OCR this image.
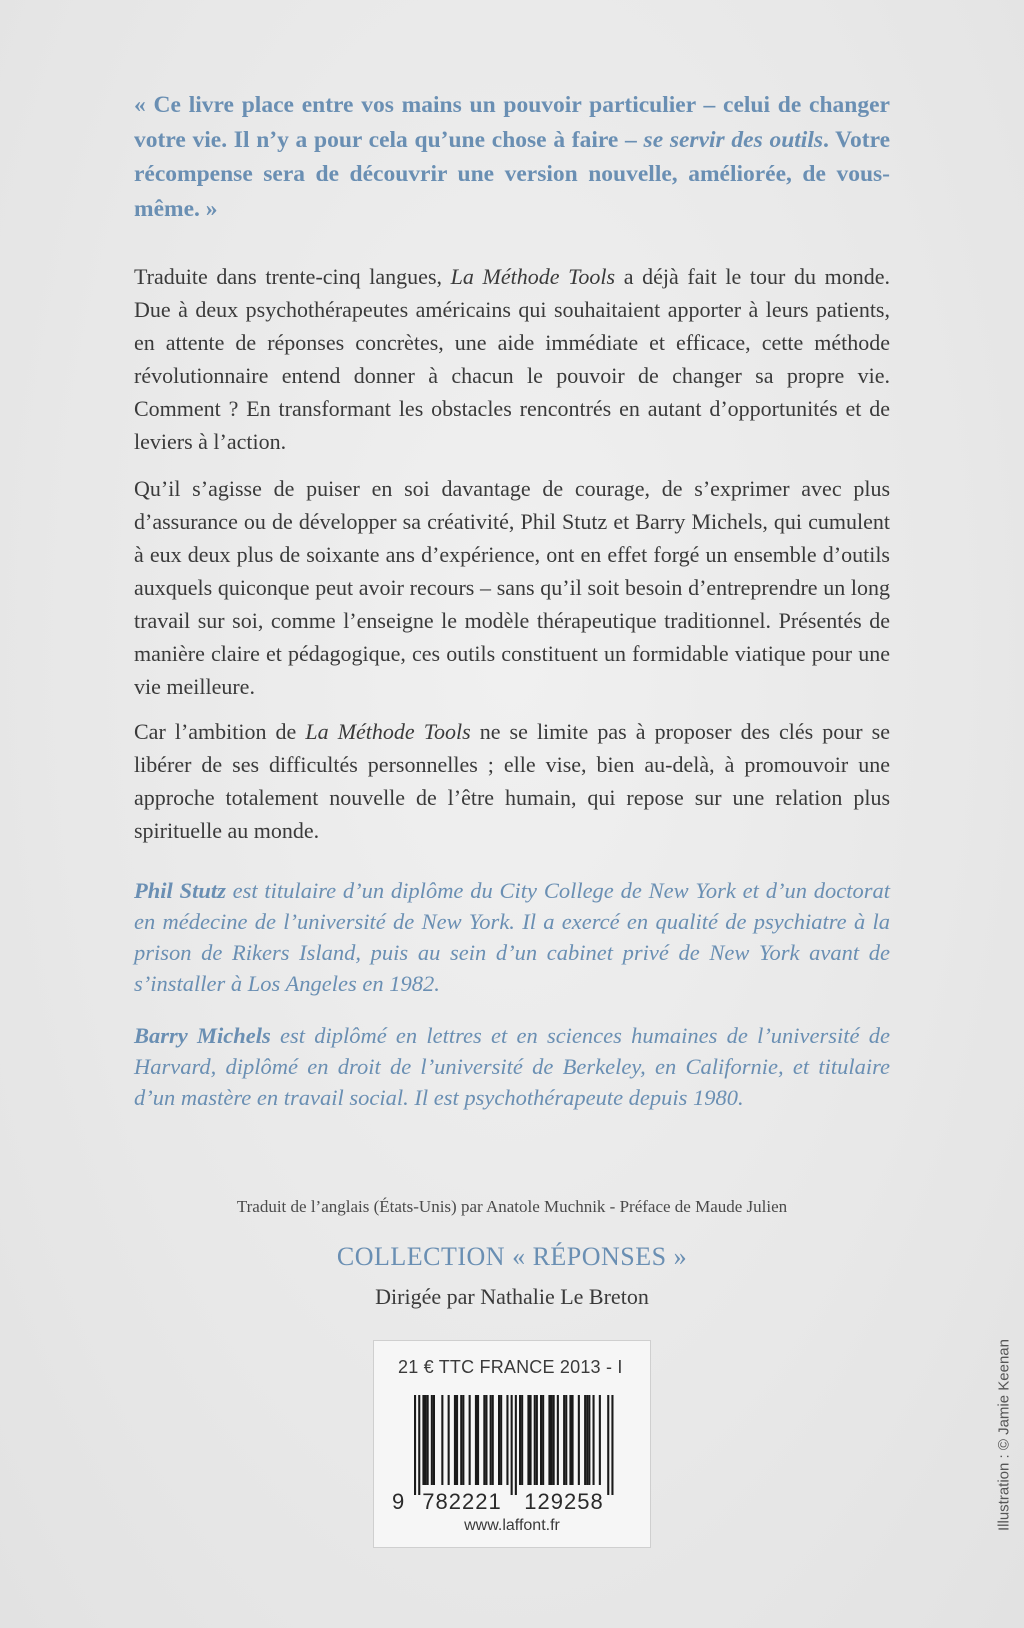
« Ce livre place entre vos mains un pouvoir particulier – celui de changer votre vie. Il n’y a pour cela qu’une chose à faire – se servir des outils. Votre récompense sera de découvrir une version nouvelle, améliorée, de vous-même. »

Traduite dans trente-cinq langues, La Méthode Tools a déjà fait le tour du monde. Due à deux psychothérapeutes américains qui souhaitaient apporter à leurs patients, en attente de réponses concrètes, une aide immédiate et efficace, cette méthode révolutionnaire entend donner à chacun le pouvoir de changer sa propre vie. Comment ? En transformant les obstacles rencontrés en autant d’opportunités et de leviers à l’action.

Qu’il s’agisse de puiser en soi davantage de courage, de s’exprimer avec plus d’assurance ou de développer sa créativité, Phil Stutz et Barry Michels, qui cumulent à eux deux plus de soixante ans d’expérience, ont en effet forgé un ensemble d’outils auxquels quiconque peut avoir recours – sans qu’il soit besoin d’entreprendre un long travail sur soi, comme l’enseigne le modèle thérapeutique traditionnel. Présentés de manière claire et pédagogique, ces outils constituent un formidable viatique pour une vie meilleure.

Car l’ambition de La Méthode Tools ne se limite pas à proposer des clés pour se libérer de ses difficultés personnelles ; elle vise, bien au-delà, à promouvoir une approche totalement nouvelle de l’être humain, qui repose sur une relation plus spirituelle au monde.

Phil Stutz est titulaire d’un diplôme du City College de New York et d’un doctorat en médecine de l’université de New York. Il a exercé en qualité de psychiatre à la prison de Rikers Island, puis au sein d’un cabinet privé de New York avant de s’installer à Los Angeles en 1982.

Barry Michels est diplômé en lettres et en sciences humaines de l’université de Harvard, diplômé en droit de l’université de Berkeley, en Californie, et titulaire d’un mastère en travail social. Il est psychothérapeute depuis 1980.

Traduit de l’anglais (États-Unis) par Anatole Muchnik - Préface de Maude Julien
COLLECTION « RÉPONSES »
Dirigée par Nathalie Le Breton
21 € TTC FRANCE 2013 - I
9 782221 129258
www.laffont.fr	Illustration : © Jamie Keenan
